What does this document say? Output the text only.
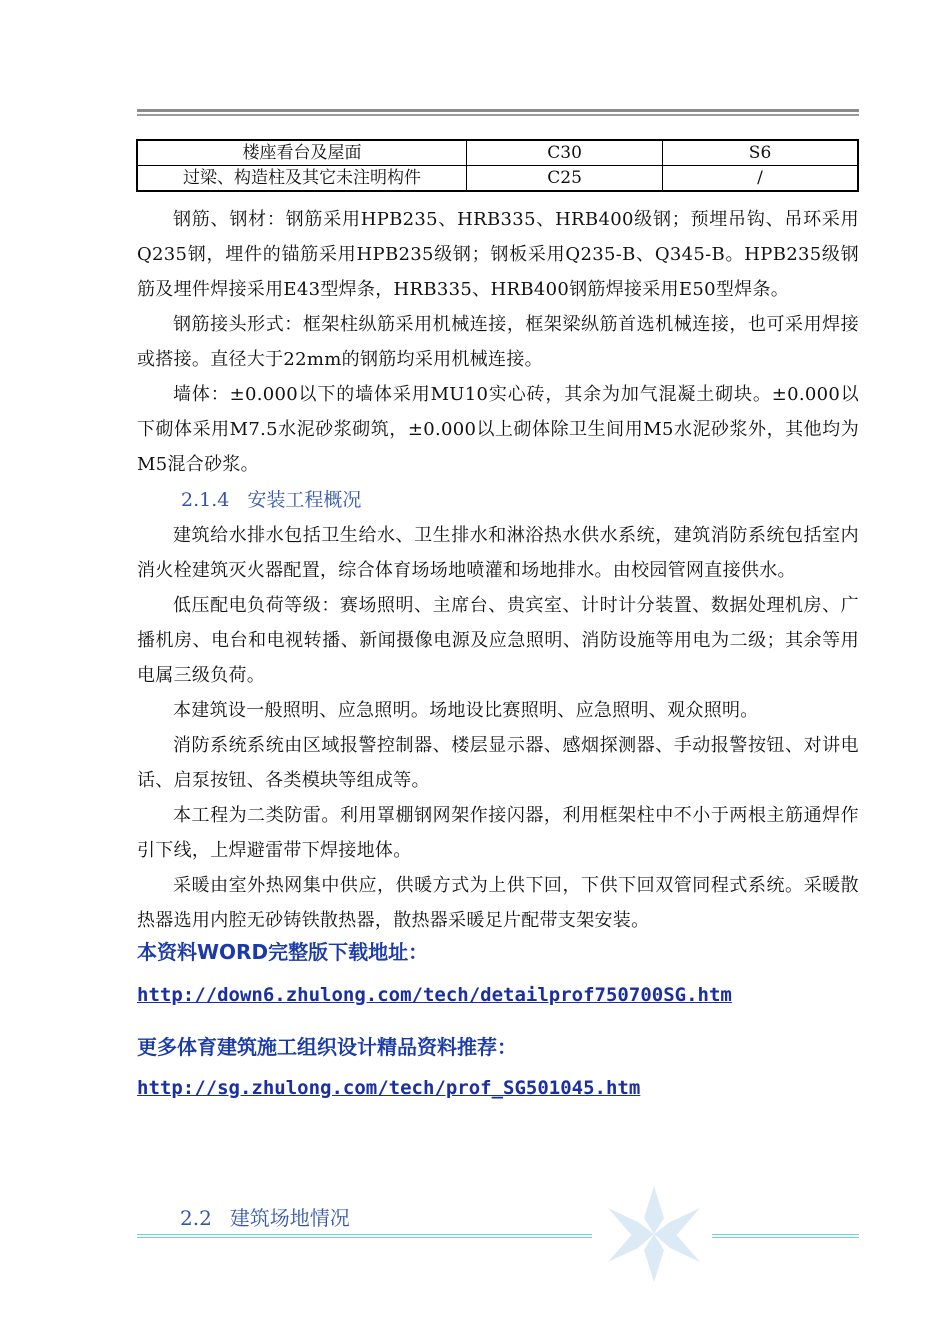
楼座看台及屋面	C30	S6
过梁、构造柱及其它未注明构件	C25	/

钢筋、钢材：钢筋采用HPB235、HRB335、HRB400级钢；预埋吊钩、吊环采用Q235钢，埋件的锚筋采用HPB235级钢；钢板采用Q235-B、Q345-B。HPB235级钢筋及埋件焊接采用E43型焊条，HRB335、HRB400钢筋焊接采用E50型焊条。

钢筋接头形式：框架柱纵筋采用机械连接，框架梁纵筋首选机械连接，也可采用焊接或搭接。直径大于22mm的钢筋均采用机械连接。

墙体：±0.000以下的墙体采用MU10实心砖，其余为加气混凝土砌块。±0.000以下砌体采用M7.5水泥砂浆砌筑，±0.000以上砌体除卫生间用M5水泥砂浆外，其他均为M5混合砂浆。

2.1.4 安装工程概况

建筑给水排水包括卫生给水、卫生排水和淋浴热水供水系统，建筑消防系统包括室内消火栓建筑灭火器配置，综合体育场场地喷灌和场地排水。由校园管网直接供水。

低压配电负荷等级：赛场照明、主席台、贵宾室、计时计分装置、数据处理机房、广播机房、电台和电视转播、新闻摄像电源及应急照明、消防设施等用电为二级；其余等用电属三级负荷。

本建筑设一般照明、应急照明。场地设比赛照明、应急照明、观众照明。

消防系统系统由区域报警控制器、楼层显示器、感烟探测器、手动报警按钮、对讲电话、启泵按钮、各类模块等组成等。

本工程为二类防雷。利用罩棚钢网架作接闪器，利用框架柱中不小于两根主筋通焊作引下线，上焊避雷带下焊接地体。

采暖由室外热网集中供应，供暖方式为上供下回，下供下回双管同程式系统。采暖散热器选用内腔无砂铸铁散热器，散热器采暖足片配带支架安装。

本资料WORD完整版下载地址：
http://down6.zhulong.com/tech/detailprof750700SG.htm
更多体育建筑施工组织设计精品资料推荐：
http://sg.zhulong.com/tech/prof_SG501045.htm
2.2 建筑场地情况
